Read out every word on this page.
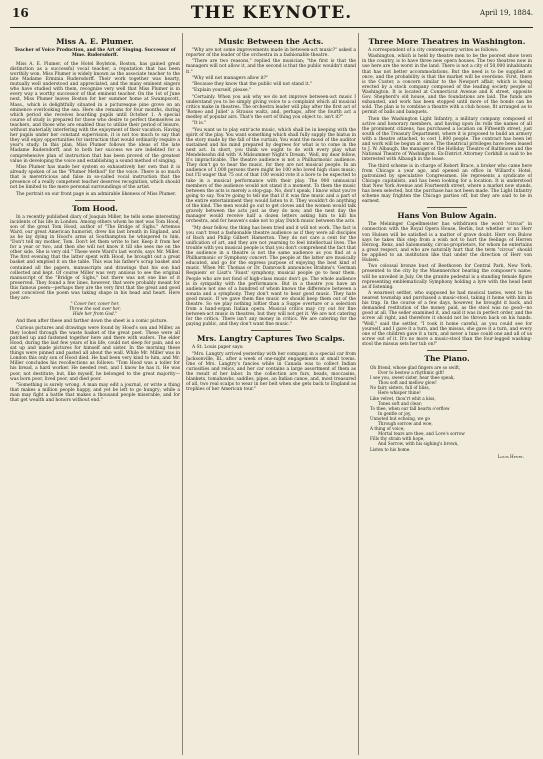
16	THE KEYNOTE.	April 19, 1884.
Miss A. E. Plumer.
Teacher of Voice Production, and the Art of Singing. Successor of Mme. Rudersdorff.

Miss A. E. Plumer, of the Hotel Boylston, Boston, has gained great distinction as a successful vocal teacher, a reputation that has been worthily won. Miss Plumer is widely known as the associate teacher to the late Madame Erminia Rudersdorff. Their work together was hearty, mutually well understood and appreciated, and the many eminent singers who have studied with them, recognize very well that Miss Plumer is in every way a worthy successor of that eminent teacher. On the 1st of June next, Miss Plumer leaves Boston for her summer home at Swampscott, Mass., which is delightfully situated in a picturesque pine grove on an eminence overlooking the sea. Here she remains for four months, during which period she receives boarding pupils until October 1. A special course of study is prepared for those who desire to perfect themselves as teachers, and those who are enabled thus to utilize their period of leisure, without materially interfering with the enjoyment of their vacation. Having her pupils under her constant supervision, it is not too much to say that they will enjoy opportunities for instruction that would ordinarily require a year's study. In this plan, Miss Plumer follows the ideas of the late Madame Rudersdorff, and to both her success we are indebted for a comprehensive plan of instruction that has been proved of the greatest value in developing the voice and establishing a sound method of singing.

Miss Plumer has made her system so exhaustively her own that it is already spoken of as the "Plumer Method" for the voice. There is so much that is meretricious and false in so-called vocal instruction that the presence of a really competent teacher deserves recognition, which should not be limited to the mere personal surroundings of the artist.

The portrait on our front page is an admirable likeness of Miss Plumer.

Tom Hood.

In a recently published diary of Joaquin Miller, he tells some interesting incidents of his life in London. Among others whom he met was Tom Hood, son of the great Tom Hood, author of "The Bridge of Sighs," Artemus Ward, our great American humorist, drew his last breath in England, and as he lay dying in Hood's arms at Southampton he whispered to him, "Don't tell my mother, Tom. Don't let them write to her. Keep it from her for a year or two, and then she will not know it till she sees me on the other side. She is very old." These were Ward's last words, says Mr. Miller. The first evening that the latter spent with Hood, he brought out a great basket and emptied it on the table. This was his father's scrap basket and contained all the papers, manuscripts and drawings that his son had collected and kept. Of course Miller was very anxious to see the original manuscript of the "Bridge of Sighs," but there was not one line of it preserved. They found a few lines, however, that were probably meant for this famous poem—perhaps they are the very first that the great and good poet conceived the poem was taking shape in his head and heart. Here they are:

" Cover her, cover her,
Throw the sod over her,
Hide her from God."

And then after these and farther down the sheet is a comic picture.

Curious pictures and drawings were found by Hood's son and Miller, as they looked through the waste basket of the great poet. These were all patched up and fastened together here and there with wafers. The elder Hood, during the last few years of his life, could not sleep for pain, and so sat up and made pictures for himself and sister. In the morning these things were pinned and pasted all about the wall. While Mr. Miller was in London this only son of Hood died. He had been very kind to him, and Mr. Miller concludes his recollections as follows: "Tom Hood was a toiler for his bread, a hard worker. He needed rest, and I know he has it. He was poor, not destitute; but, like myself, he belonged to the great majority—was born poor, lived poor, and died poor.

"Something is surely wrong. A man may edit a journal, or write a thing that makes a million people happy, and yet be left to go hungry; while a man may fight a battle that makes a thousand people miserable, and for that get wealth and honors without end."

Music Between the Acts.

"Why are not some improvements made in between-act music?" asked a reporter of the leader of the orchestra in a fashionable theatre.

"There are two reasons," replied the musician; "the first is that the managers will not allow it, and the second is that the public wouldn't stand it."

"Why will not managers allow it?"

"Because they know that the public will not stand it."

"Explain yourself, please."

"Certainly. When you ask why we do not improve between-act music I understand you to be simply giving voice to a complaint which all musical critics make in theatres. The orchestra leader will play after the first act of 'Romeo and Juliet' a Strauss waltz, and, perhaps, after the fourth act a medley of popular airs. That's the sort of thing you object to, isn't it?"

"It is."

"You want us to play entr'acte music, which shall be in keeping with the spirit of the play. You want something which shall fully supply the hiatus in the story made by the fall of the curtain. You want the mood of the auditor sustained and his mind prepared by degrees for what is to come in the next act. In short, you think we ought to do with every play what Mendelssohn did with 'A Midsummer Night's Dream.' Well, my dear fellow, it's impracticable. The theatre audience is not a Philharmonic audience. They don't go to hear the music, for they are not musical people. In an audience of 1,000 persons there might be 100 who loved high class music; but I'll wager that 75 out of that 100 would vote it a bore to be expected to take in a musical performance with their play. The 900 unmusical members of the audience would not stand it a moment. To them the music between the acts is merely a stop-gap. No, don't speak; I know what you're going to say. You're going to tell me that if it was fine music and a part of the entire entertainment they would listen to it. They wouldn't do anything of the kind. The men would go out to get cloves and the women would talk gravely between the acts just as they do now, and the next day the manager would receive half a dozen letters asking him to kill his orchestra, and for heaven's sake not to play Dutch music between the acts.

"My dear fellow, the thing has been tried and it will not work. The fact is you can't treat a fashionable theatre audience as if they were all disciples of Bach and Philip Gilbert Hamerton. They do not care a cent for the unification of art, and they are not yearning to feel intellectual lives. The trouble with you musical people is that you don't comprehend the fact that the audience in a theatre is not the same audience as you find at a Philharmonic or Symphony concert. The people at the latter are musically educated, and go for the express purpose of enjoying the best kind of music. When Mr. Thomas or Dr. Damrosch announces Brahms's 'German Requiem' or Liszt's 'Faust' symphony, musical people go to hear them. People who are not fond of high-class music don't go. The whole audience is in sympathy with the performance. But in a theatre you have an audience not one of a hundred of whom knows the difference between a sonata and a symphony. They don't want to hear good music. They hate good music. If we gave them fine music we should keep them out of the theatre. So we play nothing loftier than a Suppe overture or a selection from a hand-organ Italian opera. Musical critics may cry out for fine between-act music in theatres, but they will not get it. We are not catering for the critics. There isn't any money in critics. We are catering for the paying public, and they don't want fine music."

Mrs. Langtry Captures Two Scalps.

A St. Louis paper says:

"Mrs. Langtry arrived yesterday with her company, in a special car from Jacksonville, Ill., after a week of one-night engagements at small towns. One of Mrs. Langtry's fancies while in Canada was to collect Indian curiosities and relics, and her car contains a large assortment of them as the result of her labor. In the collection are furs, beads, moccasins, blankets, tomahawks, saddles, pipes, an Indian canoe, and, most treasured of all, two real scalps to wear in her belt when she gets back to England as trophies of her American tour."

Three More Theatres in Washington.

A correspondent of a city contemporary writes as follows:

Washington, which is held by theatre men to be the poorest show town in the country, is to have three new opera houses. The two theatres now in use here are the worst in the land. There is not a city of 50,000 inhabitants that has not better accommodations. But the need is to be supplied at once, and the probability is that the market will be overdone. First, there is the Custer, a concern similar to the Newport affair, which is being erected by a stock company composed of the leading society people of Washington. It is located at Connecticut Avenue and K street, opposite Gov. Shepherd's old house, and the foundations are laid. The funds are exhausted, and work has been stopped until more of the bonds can be sold. The plan is to combine a theatre with a club house, fit arranged as to permit of balls and banquets.

Then the Washington Light Infantry, a military company composed of active and honorary members, and having upon its rolls the names of all the prominent citizens, has purchased a location on Fifteenth street, just south of the Treasury Department, where it is proposed to build an armory with a theatre attached, to cost 1,800 people. The contract has been let and work will be begun at once. The theatrical privileges have been leased to J. W. Albaugh, the manager of the Holliday Theatre of Baltimore and the National Theatre of Washington. Ex-District Attorney Corkhill is said to be interested with Albaugh in the lease.

The third scheme is in charge of Robert Brace, a broker who came here from Chicago a year ago, and opened an office in Willard's Hotel, patronized by speculative Congressmen. He represents a syndicate of Chicago capitalists, and has been looking for a location. It is understood that New York Avenue and Fourteenth street, where a market now stands, has been selected, but the purchase has not been made. The Light Infantry scheme may frighten the Chicago parties off, but they are said to be in earnest.

Hans Von Bulow Again.

The Meininger Capellmeister has withdrawn the word "circus" in connection with the Royal Opera House, Berlin, but whether or no Herr von Hulsen will be satisfied is a matter of grave doubt. Herr von Bulow says he takes this step from a wish not to hurt the feelings of Herren Herzog, Renz, and Salomonsky, circus-proprietors, for whom he entertains a great respect, and who are naturally hurt that the term "circus" should be applied to an institution like that under the direction of Herr von Hulsen.

Two colossal bronze bust of Beethoven for Central Park, New York, presented to the city by the Maennerchor bearing the composer's name, will be unveiled in July. On the granite pedestal is a standing female figure representing emblematically Symphony holding a lyre with the head bent as if listening.

A wearnest settler, who supposed he had musical tastes, went to the nearest township and purchased a music-stool, taking it home with him in his trap. In the course of a few days, however, he brought it back, and demanded restitution of the money paid, as the stool was no good—no good at all. The seller examined it, and said it was in perfect order, and the screw all right, and therefore it should not be thrown back on his hands. "Well," said the settler, "I took it home careful, as you could see for yourself, and I gave it a turn, and the missus, she gave it a turn, and every one of the children gave it a turn, and never a tune could one and all of us screw out of it. It's no more a music-stool than the four-legged washing-stool the missus sets her tub on!"

The Piano.
Oh friend, whose glad fingers are so swift,
Ever to bestow a rhythmic gift!
I see you, sweet sister, hear thee speak,
Thou soft and mellow glow!
No fairy sisters, full of bliss,
Here whisper thine!
Like velvet, thou'rt whit a kiss,
Tones soft and clear;
To thee, when our fall hearts o'erflow
In gentle or joy,
Unnoted but echoing, we go
Through sorrow and woe,
A thing of voice;
Mortal tears are thee, and Love's sorrow
Fills thy strain with hope,
And Sorrow, with his sighing's brown,
Listen to his home.
Louis Henry.
